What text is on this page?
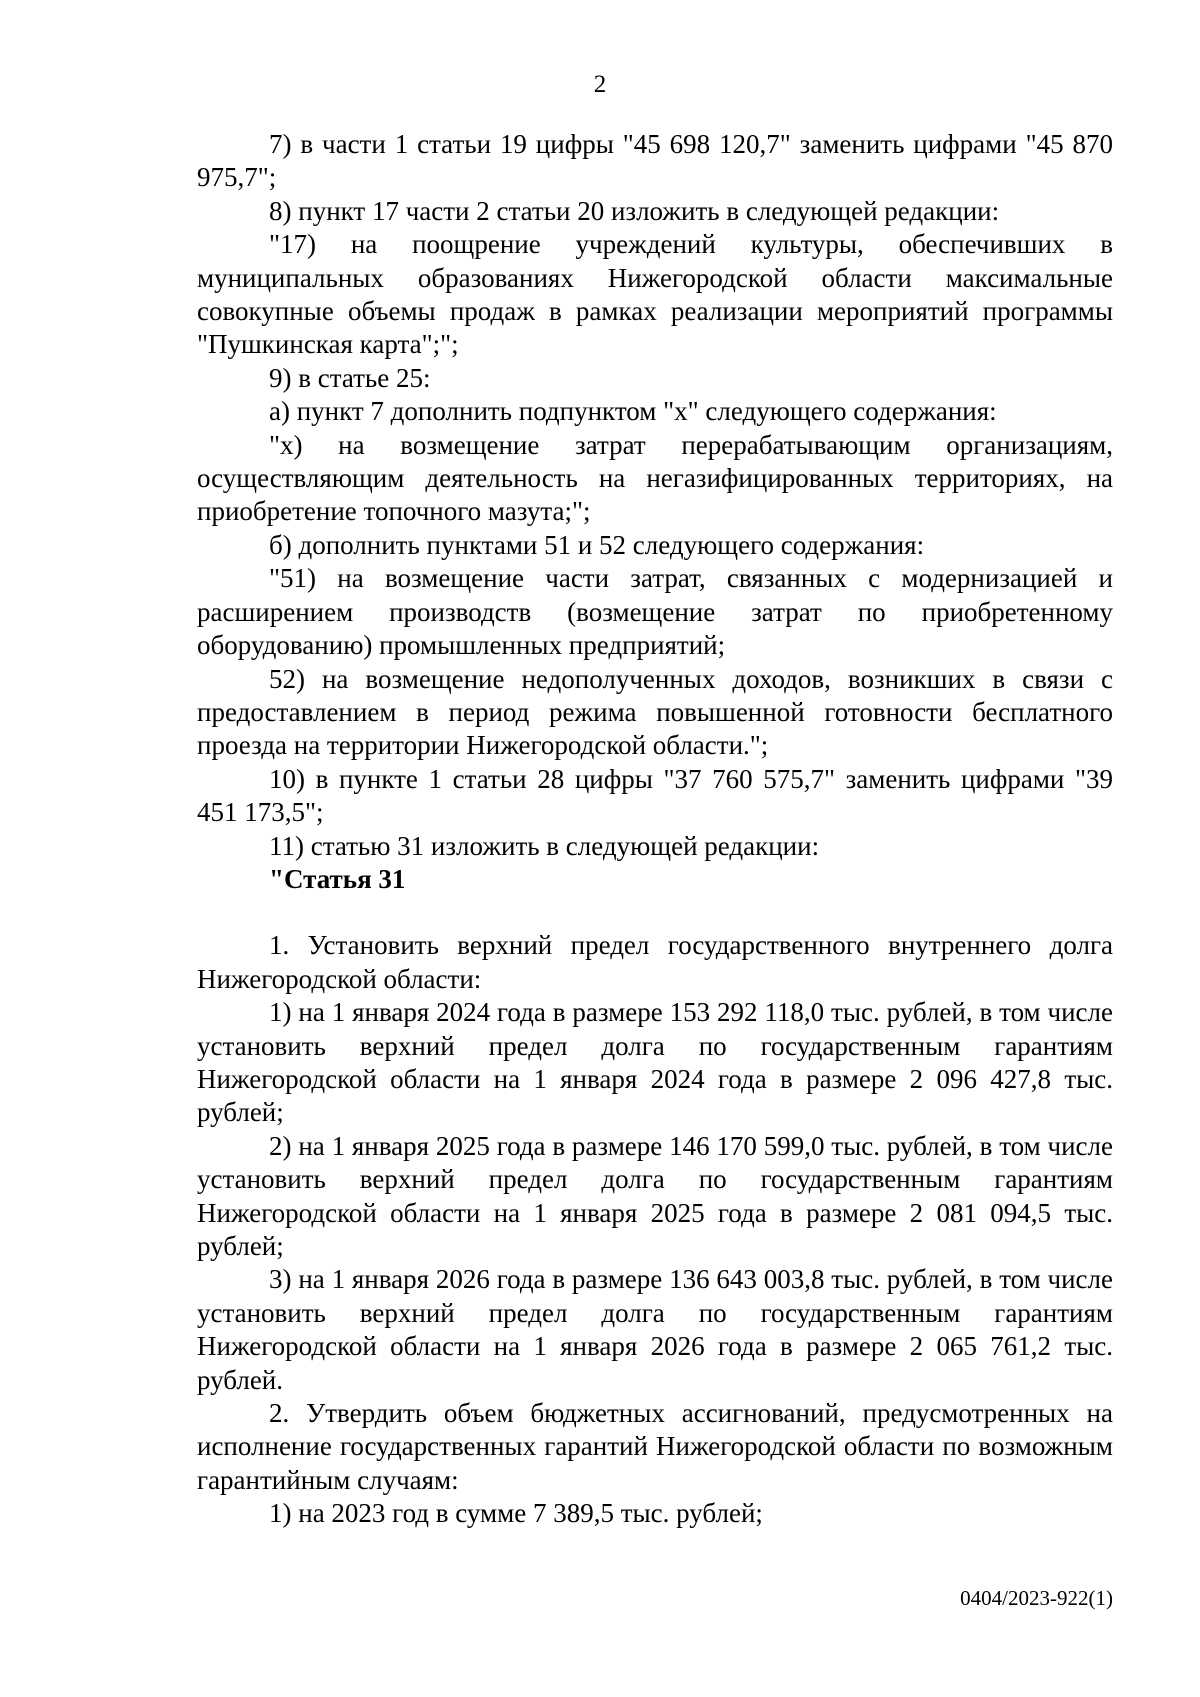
2

7) в части 1 статьи 19 цифры "45 698 120,7" заменить цифрами "45 870 975,7";

8) пункт 17 части 2 статьи 20 изложить в следующей редакции:

"17) на поощрение учреждений культуры, обеспечивших в муниципальных образованиях Нижегородской области максимальные совокупные объемы продаж в рамках реализации мероприятий программы "Пушкинская карта";";

9) в статье 25:

а) пункт 7 дополнить подпунктом "х" следующего содержания:

"х) на возмещение затрат перерабатывающим организациям, осуществляющим деятельность на негазифицированных территориях, на приобретение топочного мазута;";

б) дополнить пунктами 51 и 52 следующего содержания:

"51) на возмещение части затрат, связанных с модернизацией и расширением производств (возмещение затрат по приобретенному оборудованию) промышленных предприятий;

52) на возмещение недополученных доходов, возникших в связи с предоставлением в период режима повышенной готовности бесплатного проезда на территории Нижегородской области.";

10) в пункте 1 статьи 28 цифры "37 760 575,7" заменить цифрами "39 451 173,5";

11) статью 31 изложить в следующей редакции:

"Статья 31

1. Установить верхний предел государственного внутреннего долга Нижегородской области:

1) на 1 января 2024 года в размере 153 292 118,0 тыс. рублей, в том числе установить верхний предел долга по государственным гарантиям Нижегородской области на 1 января 2024 года в размере 2 096 427,8 тыс. рублей;

2) на 1 января 2025 года в размере 146 170 599,0 тыс. рублей, в том числе установить верхний предел долга по государственным гарантиям Нижегородской области на 1 января 2025 года в размере 2 081 094,5 тыс. рублей;

3) на 1 января 2026 года в размере 136 643 003,8 тыс. рублей, в том числе установить верхний предел долга по государственным гарантиям Нижегородской области на 1 января 2026 года в размере 2 065 761,2 тыс. рублей.

2. Утвердить объем бюджетных ассигнований, предусмотренных на исполнение государственных гарантий Нижегородской области по возможным гарантийным случаям:

1) на 2023 год в сумме 7 389,5 тыс. рублей;

0404/2023-922(1)
